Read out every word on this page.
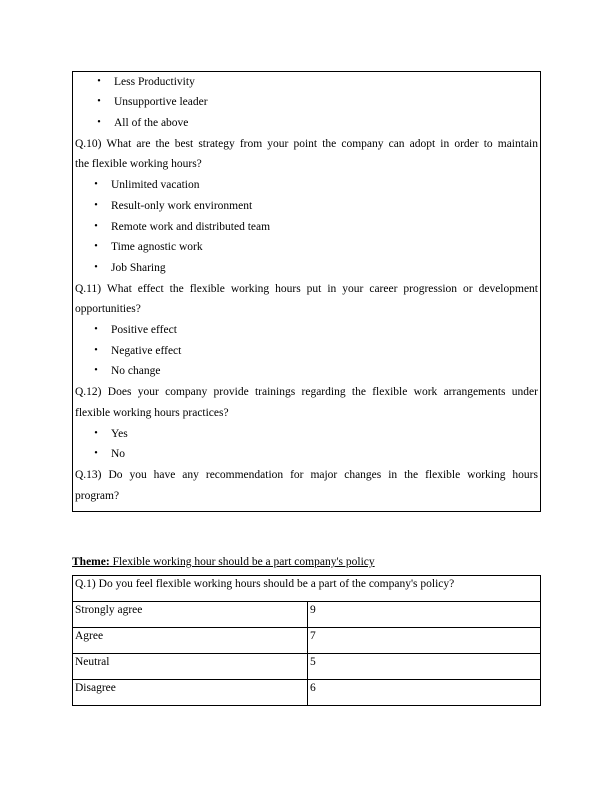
•	Less Productivity
•	Unsupportive leader
•	All of the above
Q.10) What are the best strategy from your point the company can adopt in order to maintain
the flexible working hours?
•	Unlimited vacation
•	Result-only work environment
•	Remote work and distributed team
•	Time agnostic work
•	Job Sharing
Q.11) What effect the flexible working hours put in your career progression or development
opportunities?
•	Positive effect
•	Negative effect
•	No change
Q.12) Does your company provide trainings regarding the flexible work arrangements under
flexible working hours practices?
•	Yes
•	No
Q.13) Do you have any recommendation for major changes in the flexible working hours
program?
Theme: Flexible working hour should be a part company's policy
Q.1) Do you feel flexible working hours should be a part of the company's policy?	
Strongly agree	9
Agree	7
Neutral	5
Disagree	6
